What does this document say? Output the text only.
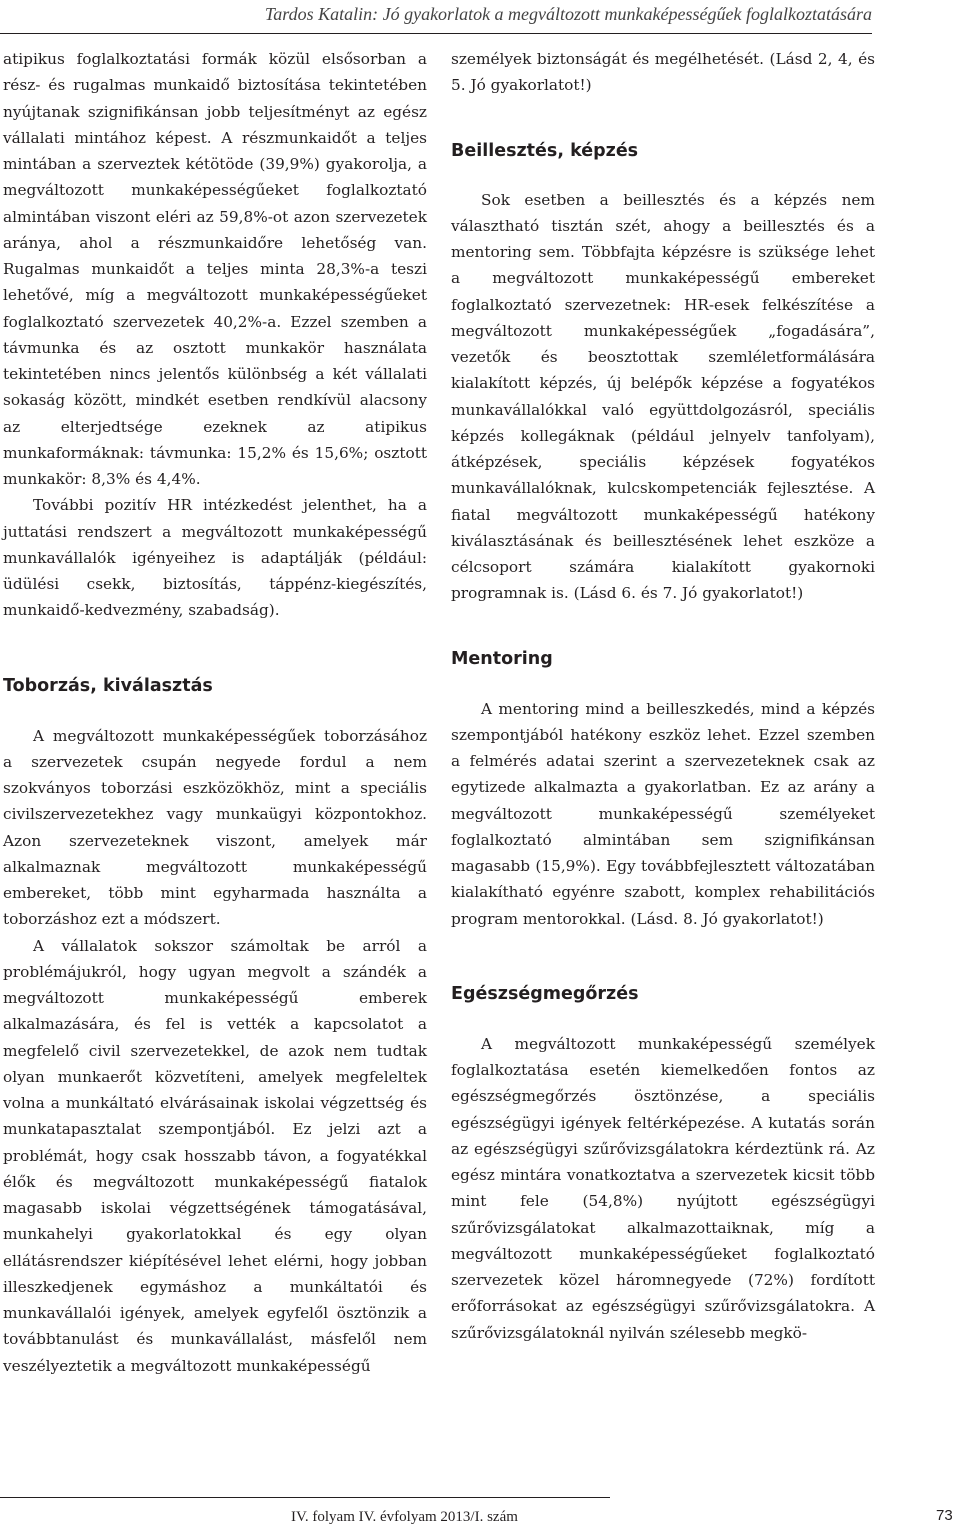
Tardos Katalin: Jó gyakorlatok a megváltozott munkaképességűek foglalkoztatására

atipikus foglalkoztatási formák közül elsősorban a rész- és rugalmas munkaidő biztosítása tekintetében nyújtanak szignifikánsan jobb teljesítményt az egész vállalati mintához képest. A részmunkaidőt a teljes mintában a szerveztek kétötöde (39,9%) gyakorolja, a megváltozott munkaképességűeket foglalkoztató almintában viszont eléri az 59,8%-ot azon szervezetek aránya, ahol a részmunkaidőre lehetőség van. Rugalmas munkaidőt a teljes minta 28,3%-a teszi lehetővé, míg a megváltozott munkaképességűeket foglalkoztató szervezetek 40,2%-a. Ezzel szemben a távmunka és az osztott munkakör használata tekintetében nincs jelentős különbség a két vállalati sokaság között, mindkét esetben rendkívül alacsony az elterjedtsége ezeknek az atipikus munkaformáknak: távmunka: 15,2% és 15,6%; osztott munkakör: 8,3% és 4,4%.

További pozitív HR intézkedést jelenthet, ha a juttatási rendszert a megváltozott munkaképességű munkavállalók igényeihez is adaptálják (például: üdülési csekk, biztosítás, táppénz-kiegészítés, munkaidő-kedvezmény, szabadság).

Toborzás, kiválasztás

A megváltozott munkaképességűek toborzásához a szervezetek csupán negyede fordul a nem szokványos toborzási eszközökhöz, mint a speciális civilszervezetekhez vagy munkaügyi központokhoz. Azon szervezeteknek viszont, amelyek már alkalmaznak megváltozott munkaképességű embereket, több mint egyharmada használta a toborzáshoz ezt a módszert.

A vállalatok sokszor számoltak be arról a problémájukról, hogy ugyan megvolt a szándék a megváltozott munkaképességű emberek alkalmazására, és fel is vették a kapcsolatot a megfelelő civil szervezetekkel, de azok nem tudtak olyan munkaerőt közvetíteni, amelyek megfeleltek volna a munkáltató elvárásainak iskolai végzettség és munkatapasztalat szempontjából. Ez jelzi azt a problémát, hogy csak hosszabb távon, a fogyatékkal élők és megváltozott munkaképességű fiatalok magasabb iskolai végzettségének támogatásával, munkahelyi gyakorlatokkal és egy olyan ellátásrendszer kiépítésével lehet elérni, hogy jobban illeszkedjenek egymáshoz a munkáltatói és munkavállalói igények, amelyek egyfelől ösztönzik a továbbtanulást és munkavállalást, másfelől nem veszélyeztetik a megváltozott munkaképességű

személyek biztonságát és megélhetését. (Lásd 2, 4, és 5. Jó gyakorlatot!)

Beillesztés, képzés

Sok esetben a beillesztés és a képzés nem választható tisztán szét, ahogy a beillesztés és a mentoring sem. Többfajta képzésre is szüksége lehet a megváltozott munkaképességű embereket foglalkoztató szervezetnek: HR-esek felkészítése a megváltozott munkaképességűek „fogadására”, vezetők és beosztottak szemléletformálására kialakított képzés, új belépők képzése a fogyatékos munkavállalókkal való együttdolgozásról, speciális képzés kollegáknak (például jelnyelv tanfolyam), átképzések, speciális képzések fogyatékos munkavállalóknak, kulcskompetenciák fejlesztése. A fiatal megváltozott munkaképességű hatékony kiválasztásának és beillesztésének lehet eszköze a célcsoport számára kialakított gyakornoki programnak is. (Lásd 6. és 7. Jó gyakorlatot!)

Mentoring

A mentoring mind a beilleszkedés, mind a képzés szempontjából hatékony eszköz lehet. Ezzel szemben a felmérés adatai szerint a szervezeteknek csak az egytizede alkalmazta a gyakorlatban. Ez az arány a megváltozott munkaképességű személyeket foglalkoztató almintában sem szignifikánsan magasabb (15,9%). Egy továbbfejlesztett változatában kialakítható egyénre szabott, komplex rehabilitációs program mentorokkal. (Lásd. 8. Jó gyakorlatot!)

Egészségmegőrzés

A megváltozott munkaképességű személyek foglalkoztatása esetén kiemelkedően fontos az egészségmegőrzés ösztönzése, a speciális egészségügyi igények feltérképezése. A kutatás során az egészségügyi szűrővizsgálatokra kérdeztünk rá. Az egész mintára vonatkoztatva a szervezetek kicsit több mint fele (54,8%) nyújtott egészségügyi szűrővizsgálatokat alkalmazottaiknak, míg a megváltozott munkaképességűeket foglalkoztató szervezetek közel háromnegyede (72%) fordított erőforrásokat az egészségügyi szűrővizsgálatokra. A szűrővizsgálatoknál nyilván szélesebb megkö-

IV. folyam IV. évfolyam 2013/I. szám	73
